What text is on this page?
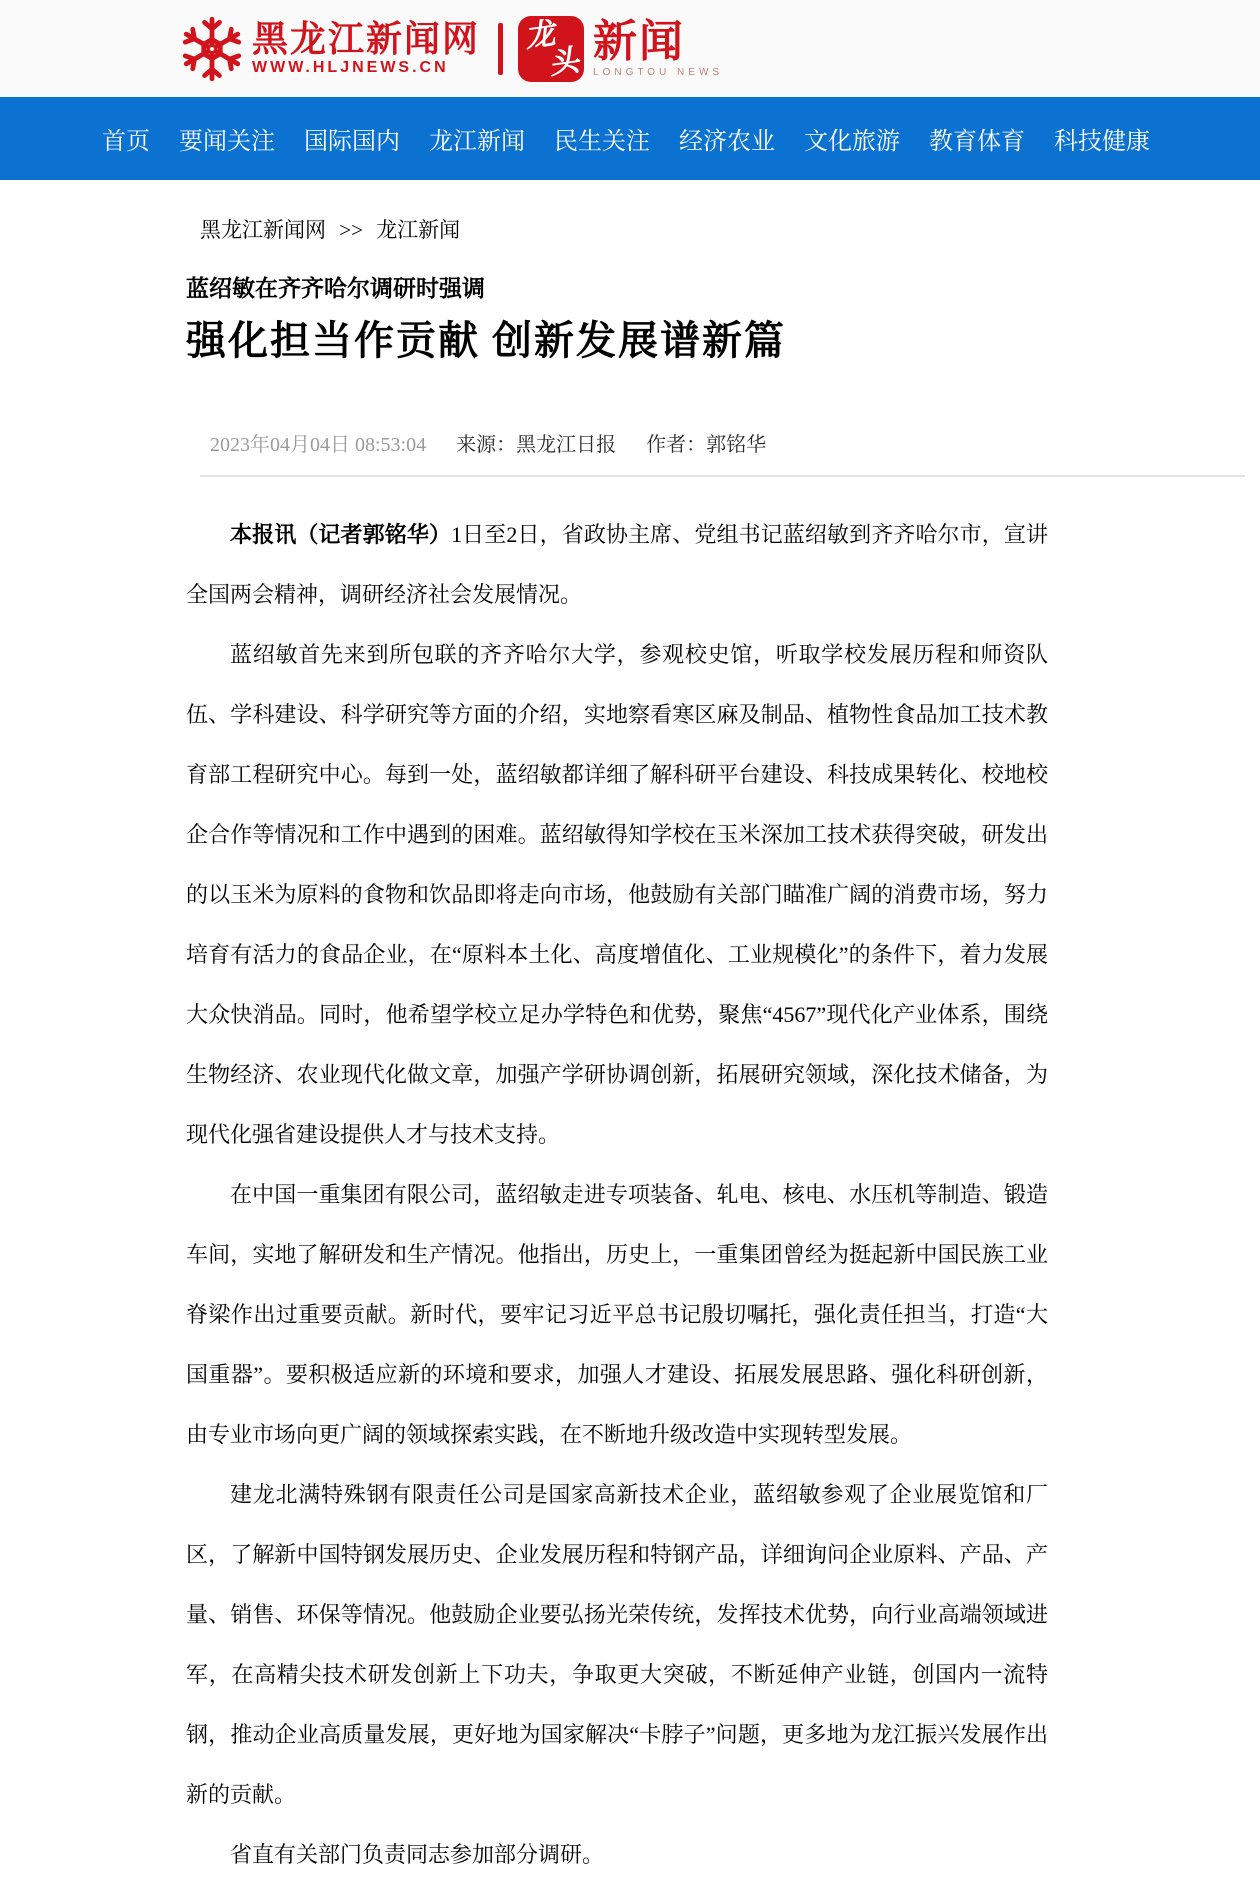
黑龙江新闻网
WWW.HLJNEWS.CN
龙
头 新闻
LONGTOU NEWS
首页 要闻关注 国际国内 龙江新闻 民生关注 经济农业 文化旅游 教育体育 科技健康
黑龙江新闻网 >> 龙江新闻
蓝绍敏在齐齐哈尔调研时强调
强化担当作贡献 创新发展谱新篇
2023年04月04日 08:53:04 来源：黑龙江日报 作者：郭铭华

本报讯（记者郭铭华）1日至2日，省政协主席、党组书记蓝绍敏到齐齐哈尔市，宣讲全国两会精神，调研经济社会发展情况。

蓝绍敏首先来到所包联的齐齐哈尔大学，参观校史馆，听取学校发展历程和师资队伍、学科建设、科学研究等方面的介绍，实地察看寒区麻及制品、植物性食品加工技术教育部工程研究中心。每到一处，蓝绍敏都详细了解科研平台建设、科技成果转化、校地校企合作等情况和工作中遇到的困难。蓝绍敏得知学校在玉米深加工技术获得突破，研发出的以玉米为原料的食物和饮品即将走向市场，他鼓励有关部门瞄准广阔的消费市场，努力培育有活力的食品企业，在“原料本土化、高度增值化、工业规模化”的条件下，着力发展大众快消品。同时，他希望学校立足办学特色和优势，聚焦“4567”现代化产业体系，围绕生物经济、农业现代化做文章，加强产学研协调创新，拓展研究领域，深化技术储备，为现代化强省建设提供人才与技术支持。

在中国一重集团有限公司，蓝绍敏走进专项装备、轧电、核电、水压机等制造、锻造车间，实地了解研发和生产情况。他指出，历史上，一重集团曾经为挺起新中国民族工业脊梁作出过重要贡献。新时代，要牢记习近平总书记殷切嘱托，强化责任担当，打造“大国重器”。要积极适应新的环境和要求，加强人才建设、拓展发展思路、强化科研创新，由专业市场向更广阔的领域探索实践，在不断地升级改造中实现转型发展。

建龙北满特殊钢有限责任公司是国家高新技术企业，蓝绍敏参观了企业展览馆和厂区，了解新中国特钢发展历史、企业发展历程和特钢产品，详细询问企业原料、产品、产量、销售、环保等情况。他鼓励企业要弘扬光荣传统，发挥技术优势，向行业高端领域进军，在高精尖技术研发创新上下功夫，争取更大突破，不断延伸产业链，创国内一流特钢，推动企业高质量发展，更好地为国家解决“卡脖子”问题，更多地为龙江振兴发展作出新的贡献。

省直有关部门负责同志参加部分调研。
